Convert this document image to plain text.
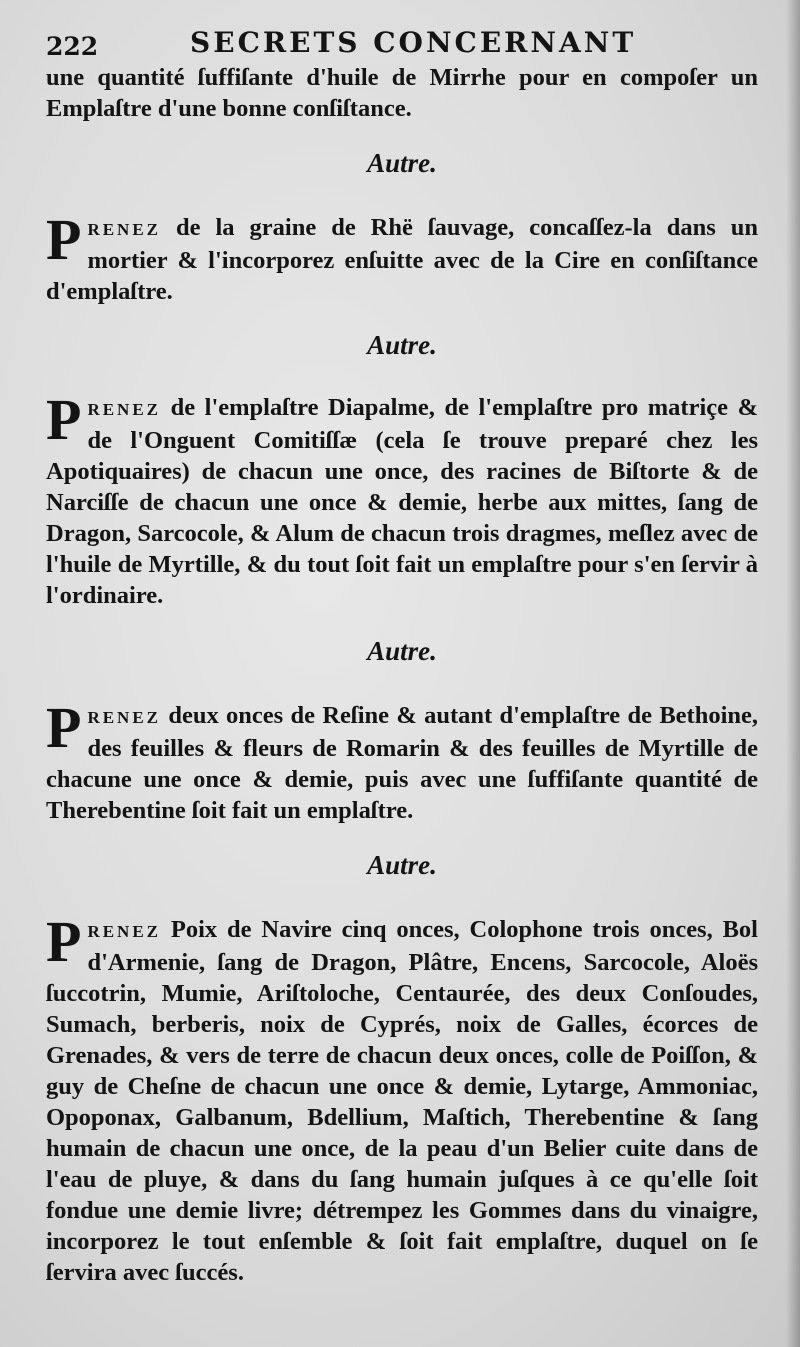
222	SECRETS CONCERNANT

une quantité ſuffiſante d'huile de Mirrhe pour en compoſer un Emplaſtre d'une bonne conſiſtance.

Autre.

PRENEZ de la graine de Rhë ſauvage, concaſſez-la dans un mortier & l'incorporez enſuitte avec de la Cire en conſiſtance d'emplaſtre.

Autre.

PRENEZ de l'emplaſtre Diapalme, de l'emplaſtre pro matriçe & de l'Onguent Comitiſſæ (cela ſe trouve preparé chez les Apotiquaires) de chacun une once, des racines de Biſtorte & de Narciſſe de chacun une once & demie, herbe aux mittes, ſang de Dragon, Sarcocole, & Alum de chacun trois dragmes, meſlez avec de l'huile de Myrtille, & du tout ſoit fait un emplaſtre pour s'en ſervir à l'ordinaire.

Autre.

PRENEZ deux onces de Reſine & autant d'emplaſtre de Bethoine, des feuilles & fleurs de Romarin & des feuilles de Myrtille de chacune une once & demie, puis avec une ſuffiſante quantité de Therebentine ſoit fait un emplaſtre.

Autre.

PRENEZ Poix de Navire cinq onces, Colophone trois onces, Bol d'Armenie, ſang de Dragon, Plâtre, Encens, Sarcocole, Aloës ſuccotrin, Mumie, Ariſtoloche, Centaurée, des deux Conſoudes, Sumach, berberis, noix de Cyprés, noix de Galles, écorces de Grenades, & vers de terre de chacun deux onces, colle de Poiſſon, & guy de Cheſne de chacun une once & demie, Lytarge, Ammoniac, Opoponax, Galbanum, Bdellium, Maſtich, Therebentine & ſang humain de chacun une once, de la peau d'un Belier cuite dans de l'eau de pluye, & dans du ſang humain juſques à ce qu'elle ſoit fondue une demie livre; détrempez les Gommes dans du vinaigre, incorporez le tout enſemble & ſoit fait emplaſtre, duquel on ſe ſervira avec ſuccés.
